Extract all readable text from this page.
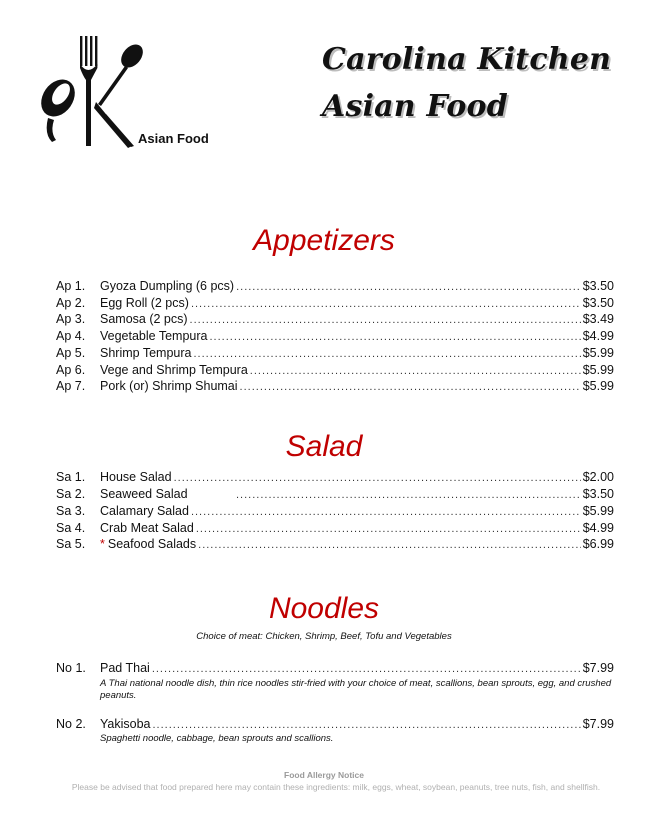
Asian Food
Carolina Kitchen
Asian Food
Appetizers
Ap 1.	Gyoza Dumpling (6 pcs) .....	$3.50
Ap 2.	Egg Roll (2 pcs) .....	$3.50
Ap 3.	Samosa (2 pcs) .....	$3.49
Ap 4.	Vegetable Tempura .....	$4.99
Ap 5.	Shrimp Tempura .....	$5.99
Ap 6.	Vege and Shrimp Tempura .....	$5.99
Ap 7.	Pork (or) Shrimp Shumai .....	$5.99
Salad
Sa 1.	House Salad .....	$2.00
Sa 2.	Seaweed Salad .....	$3.50
Sa 3.	Calamary Salad .....	$5.99
Sa 4.	Crab Meat Salad .....	$4.99
Sa 5.	* Seafood Salads .....	$6.99
Noodles
Choice of meat: Chicken, Shrimp, Beef, Tofu and Vegetables
No 1.	Pad Thai .....	$7.99
A Thai national noodle dish, thin rice noodles stir-fried with your choice of meat, scallions, bean sprouts, egg, and crushed peanuts.
No 2.	Yakisoba .....	$7.99
Spaghetti noodle, cabbage, bean sprouts and scallions.
Food Allergy Notice
Please be advised that food prepared here may contain these ingredients: milk, eggs, wheat, soybean, peanuts, tree nuts, fish, and shellfish.
